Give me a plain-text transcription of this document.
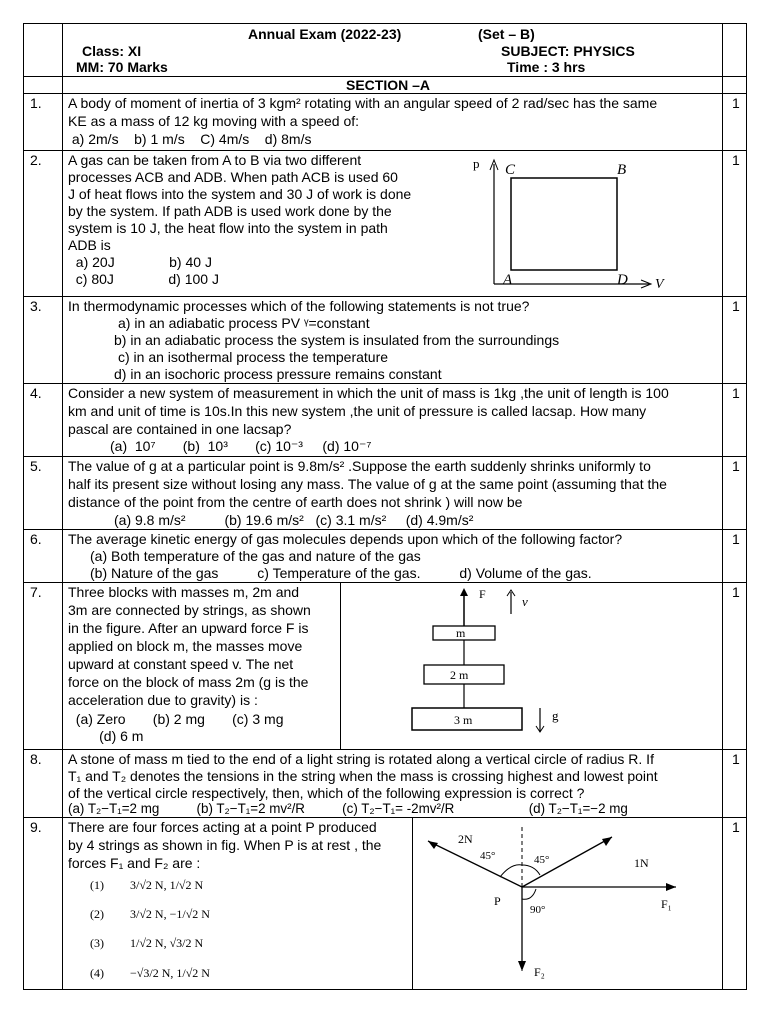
Annual Exam (2022-23)	(Set – B)
Class: XI	SUBJECT: PHYSICS
MM: 70 Marks	Time : 3 hrs
SECTION –A
1. A body of moment of inertia of 3 kgm² rotating with an angular speed of 2 rad/sec has the same
KE as a mass of 12 kg moving with a speed of:
a) 2m/s    b) 1 m/s    C) 4m/s    d) 8m/s
1
2. A gas can be taken from A to B via two different
processes ACB and ADB. When path ACB is used 60
J of heat flows into the system and 30 J of work is done
by the system. If path ADB is used work done by the
system is 10 J, the heat flow into the system in path
ADB is
a) 20J              b) 40 J
c) 80J              d) 100 J
1
p
V
C	B
A	D
3. In thermodynamic processes which of the following statements is not true?
a) in an adiabatic process PV ᵞ=constant
b) in an adiabatic process the system is insulated from the surroundings
c) in an isothermal process the temperature
d) in an isochoric process pressure remains constant
1
4. Consider a new system of measurement in which the unit of mass is 1kg ,the unit of length is 100
km and unit of time is 10s.In this new system ,the unit of pressure is called lacsap. How many
pascal are contained in one lacsap?
(a)  10⁷       (b)  10³       (c) 10⁻³     (d) 10⁻⁷
1
5. The value of g at a particular point is 9.8m/s² .Suppose the earth suddenly shrinks uniformly to
half its present size without losing any mass. The value of g at the same point (assuming that the
distance of the point from the centre of earth does not shrink ) will now be
(a) 9.8 m/s²          (b) 19.6 m/s²   (c) 3.1 m/s²     (d) 4.9m/s²
1
6. The average kinetic energy of gas molecules depends upon which of the following factor?
(a) Both temperature of the gas and nature of the gas
(b) Nature of the gas          c) Temperature of the gas.          d) Volume of the gas.
1
7. Three blocks with masses m, 2m and
3m are connected by strings, as shown
in the figure. After an upward force F is
applied on block m, the masses move
upward at constant speed v. The net
force on the block of mass 2m (g is the
acceleration due to gravity) is :
(a) Zero       (b) 2 mg       (c) 3 mg
(d) 6 m
1
F	v
m
2 m
3 m	g
8. A stone of mass m tied to the end of a light string is rotated along a vertical circle of radius R. If
T₁ and T₂ denotes the tensions in the string when the mass is crossing highest and lowest point
of the vertical circle respectively, then, which of the following expression is correct ?
(a) T₂−T₁=2 mg          (b) T₂−T₁=2 mv²/R          (c) T₂−T₁= -2mv²/R                    (d) T₂−T₁=−2 mg
1
9. There are four forces acting at a point P produced
by 4 strings as shown in fig. When P is at rest , the
forces F₁ and F₂ are :
(1) 3/√2 N, 1/√2 N
(2) 3/√2 N, −1/√2 N
(3) 1/√2 N, √3/2 N
(4) −√3/2 N, 1/√2 N
1
2N
1N
F₁
F₂
45°	45°
90°
P
